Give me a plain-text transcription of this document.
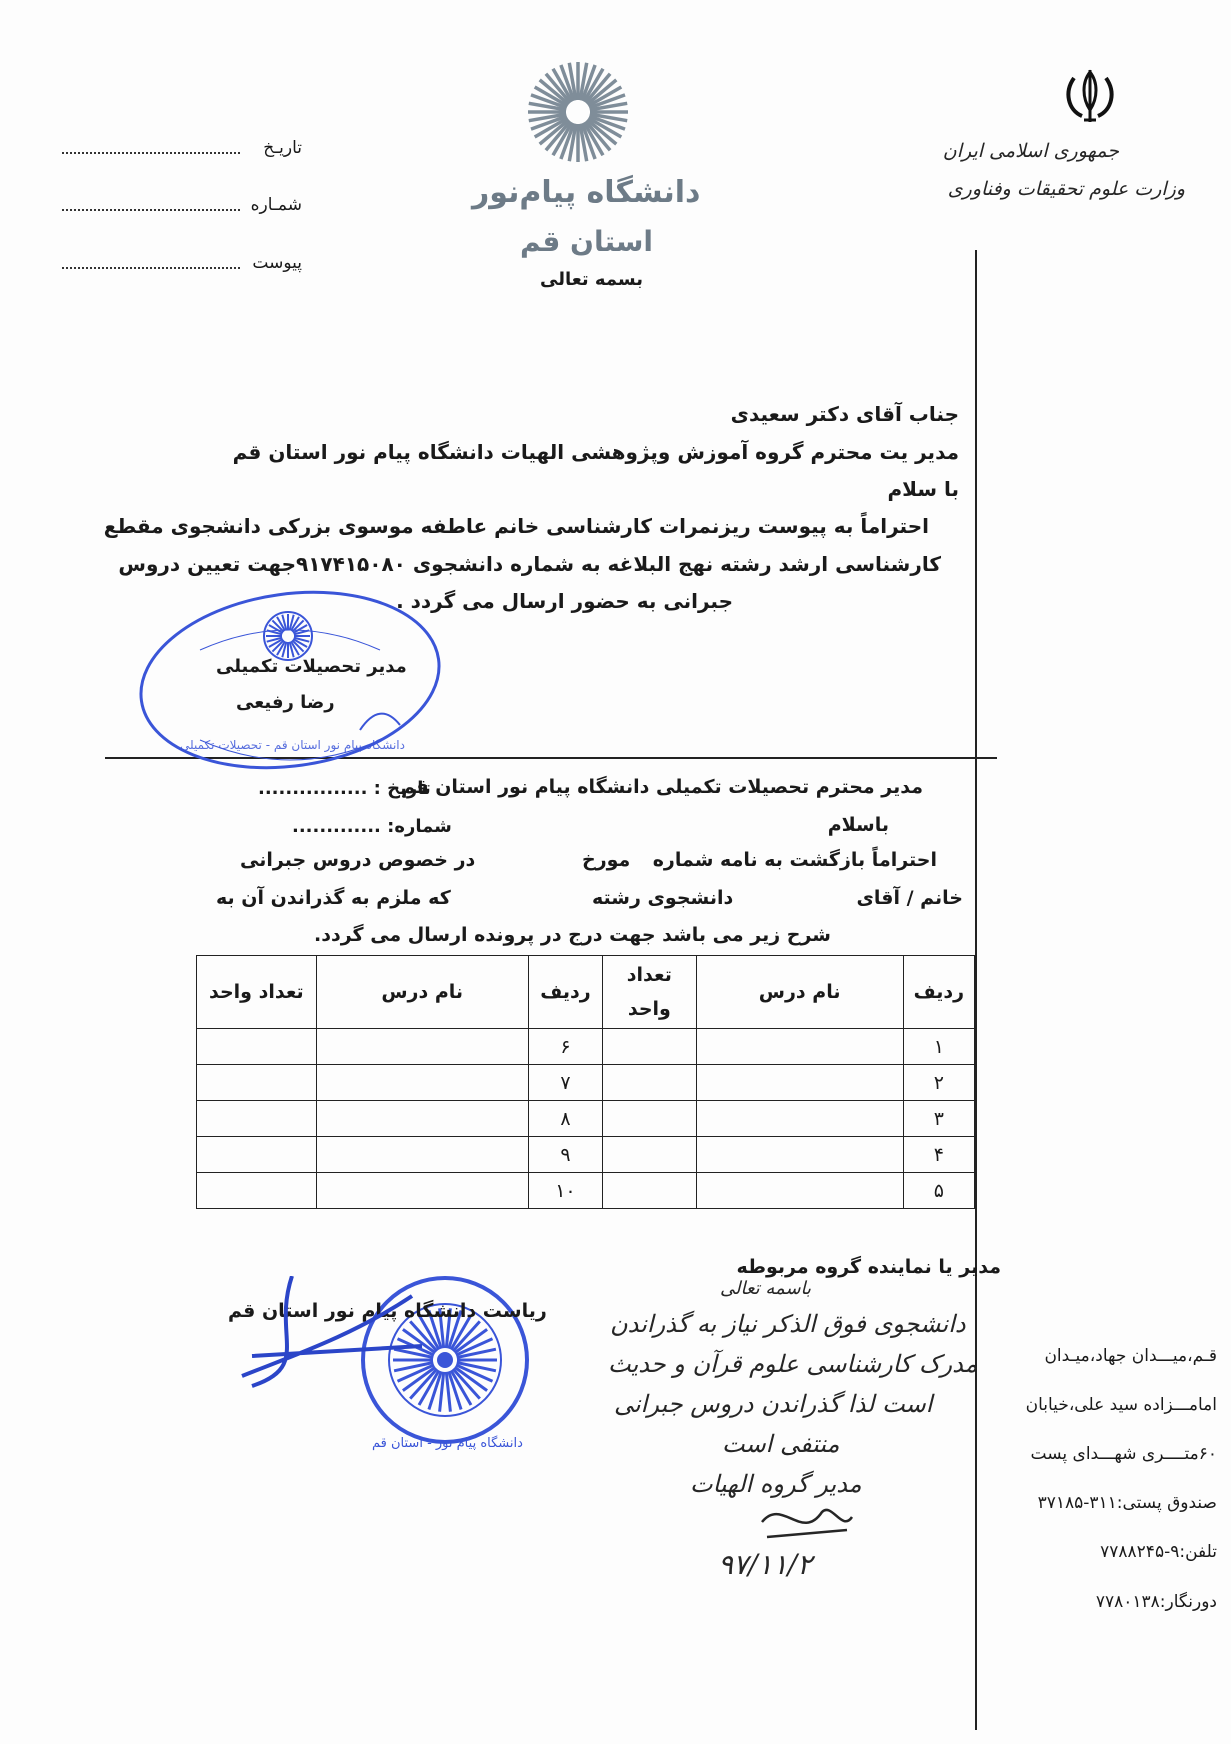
جمهوری اسلامی ایران
وزارت علوم تحقیقات وفناوری
دانشگاه پیام‌نور
استان قم
بسمه تعالی
تاریـخ
شمـاره
پیوست
جناب آقای دکتر سعیدی
مدیر یت محترم گروه آموزش وپژوهشی الهیات دانشگاه پیام نور استان قم
با سلام
احتراماً به پیوست ریزنمرات کارشناسی خانم عاطفه موسوی بزرکی دانشجوی مقطع
کارشناسی ارشد رشته نهج البلاغه به شماره دانشجوی ۹۱۷۴۱۵۰۸۰جهت تعیین دروس
جبرانی به حضور ارسال می گردد .
دانشگاه پیام نور استان قم - تحصیلات تکمیلی
مدیر تحصیلات تکمیلی
رضا رفیعی
مدیر محترم تحصیلات تکمیلی دانشگاه پیام نور استان قم
تاریخ : ................
شماره: .............	باسلام
احتراماً بازگشت به نامه شماره
مورخ
در خصوص دروس جبرانی
خانم / آقای
دانشجوی رشته
که ملزم به گذراندن آن به
شرح زیر می باشد جهت درج در پرونده ارسال می گردد.
ردیف	نام درس	تعداد واحد	ردیف	نام درس	تعداد واحد
۱			۶		
۲			۷		
۳			۸		
۴			۹		
۵			۱۰		
مدیر یا نماینده گروه مربوطه
دانشگاه پیام نور - استان قم
ریاست دانشگاه پیام نور استان قم
باسمه تعالی
دانشجوی فوق الذکر نیاز به گذراندن
مدرک کارشناسی علوم قرآن و حدیث
است لذا گذراندن دروس جبرانی
منتفی است
مدیر گروه الهیات
۹۷/۱۱/۲
قـم،میـــدان جهاد،میـدان
امامـــزاده سید علی،خیابان
۶۰متــــری شهـــدای پست
صندوق پستی:۳۱۱-۳۷۱۸۵
تلفن:۹-۷۷۸۸۲۴۵
دورنگار:۷۷۸۰۱۳۸
